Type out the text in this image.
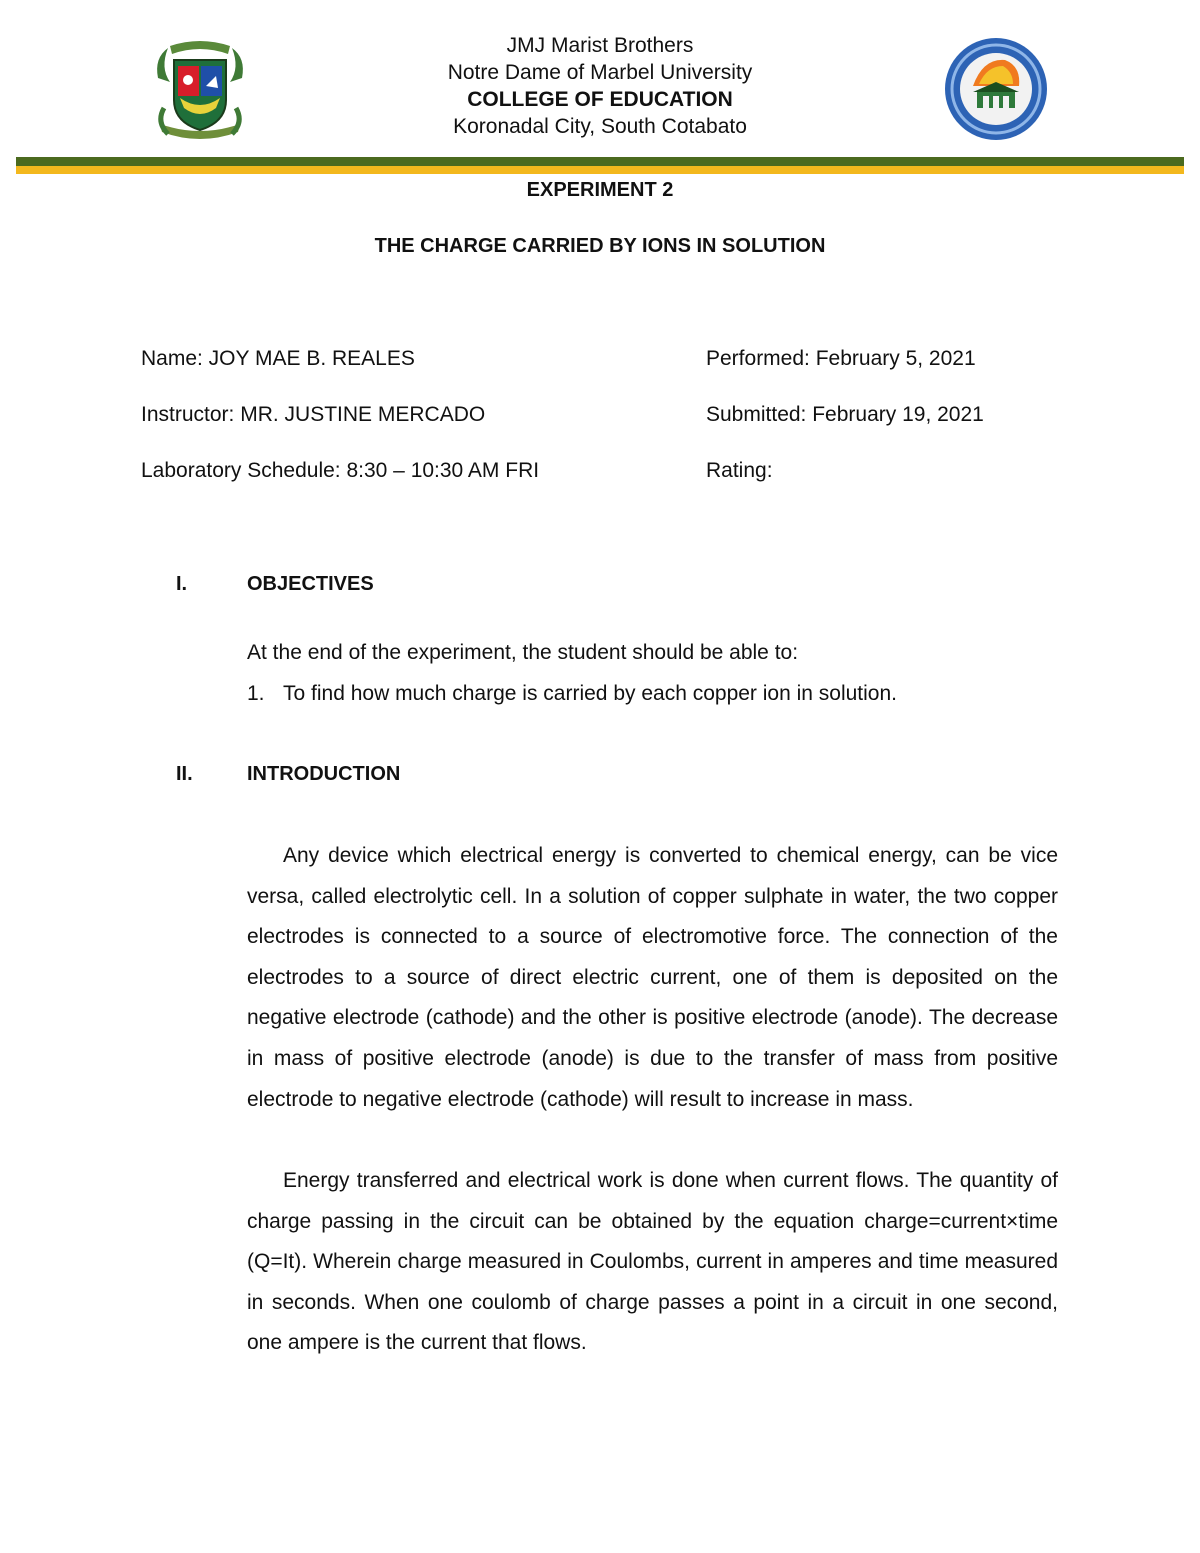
JMJ Marist Brothers
Notre Dame of Marbel University
COLLEGE OF EDUCATION
Koronadal City, South Cotabato
EXPERIMENT 2
THE CHARGE CARRIED BY IONS IN SOLUTION
Name: JOY MAE B. REALES
Instructor: MR. JUSTINE MERCADO
Laboratory Schedule: 8:30 – 10:30 AM FRI
Performed: February 5, 2021
Submitted: February 19, 2021
Rating:
I.	OBJECTIVES
At the end of the experiment, the student should be able to:
1. To find how much charge is carried by each copper ion in solution.
II.	INTRODUCTION
Any device which electrical energy is converted to chemical energy, can be vice versa, called electrolytic cell. In a solution of copper sulphate in water, the two copper electrodes is connected to a source of electromotive force. The connection of the electrodes to a source of direct electric current, one of them is deposited on the negative electrode (cathode) and the other is positive electrode (anode). The decrease in mass of positive electrode (anode) is due to the transfer of mass from positive electrode to negative electrode (cathode) will result to increase in mass.
Energy transferred and electrical work is done when current flows. The quantity of charge passing in the circuit can be obtained by the equation charge=current×time (Q=It). Wherein charge measured in Coulombs, current in amperes and time measured in seconds. When one coulomb of charge passes a point in a circuit in one second, one ampere is the current that flows.
